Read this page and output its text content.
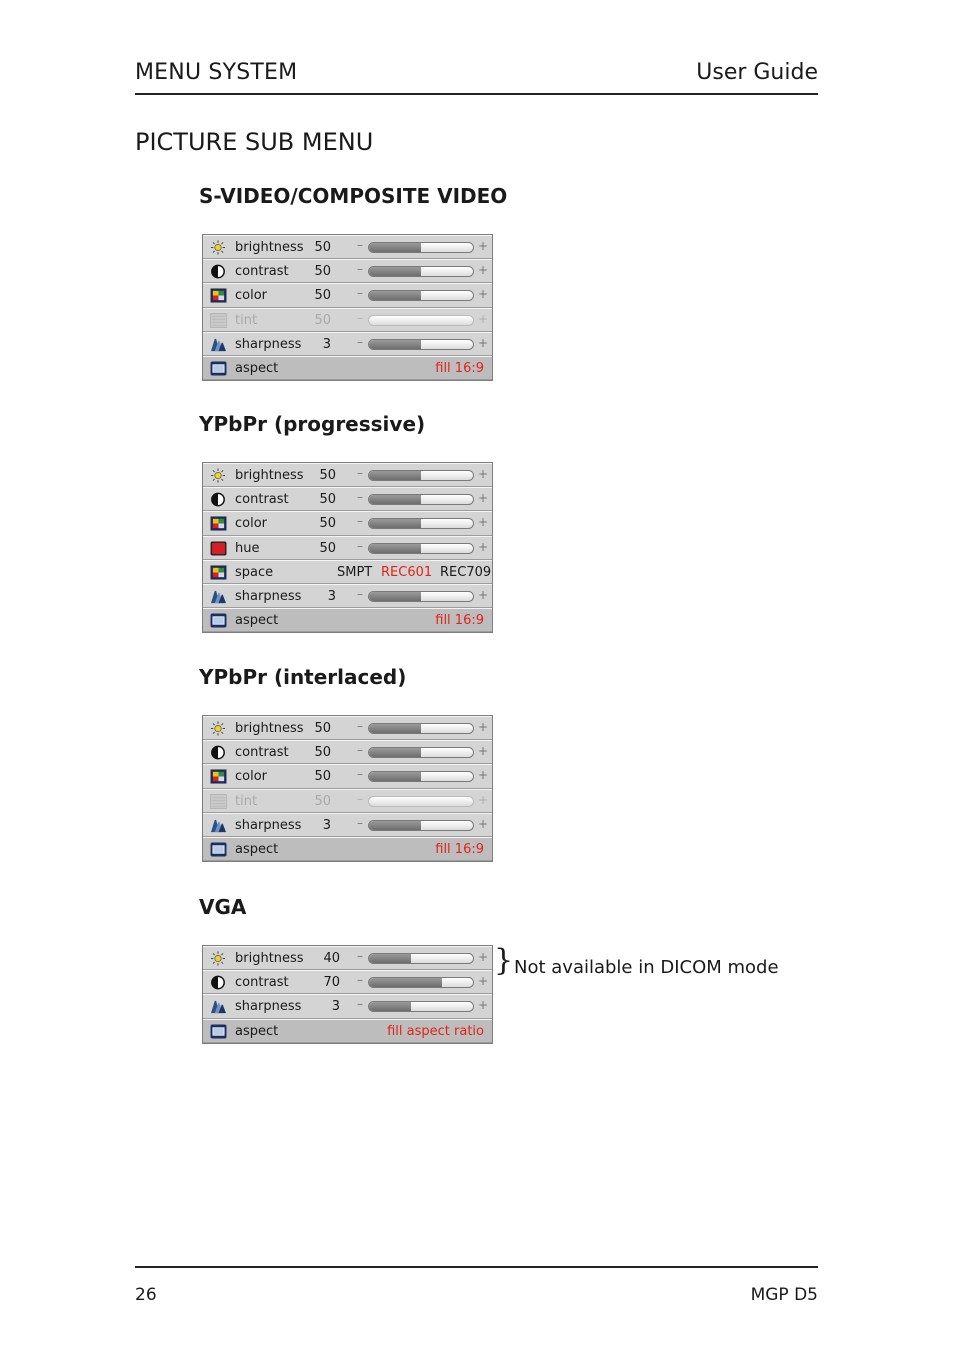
MENU SYSTEM	User Guide
PICTURE SUB MENU
S-VIDEO/COMPOSITE VIDEO
brightness 50 –	+
contrast	50 –	+
color	50 –	+
tint	50 –	+
sharpness	3 –	+
aspect	fill 16:9
YPbPr (progressive)
brightness	50 –	+
contrast	50 –	+
color	50 –	+
hue	50 –	+
space	SMPT REC601 REC709
sharpness	3 –	+
aspect	fill 16:9
YPbPr (interlaced)
brightness 50 –	+
contrast	50 –	+
color	50 –	+
tint	50 –	+
sharpness	3 –	+
aspect	fill 16:9
VGA
brightness	40 –	+
contrast	70 –	+
sharpness	3 –	+
aspect	fill aspect ratio
} Not available in DICOM mode
26	MGP D5
